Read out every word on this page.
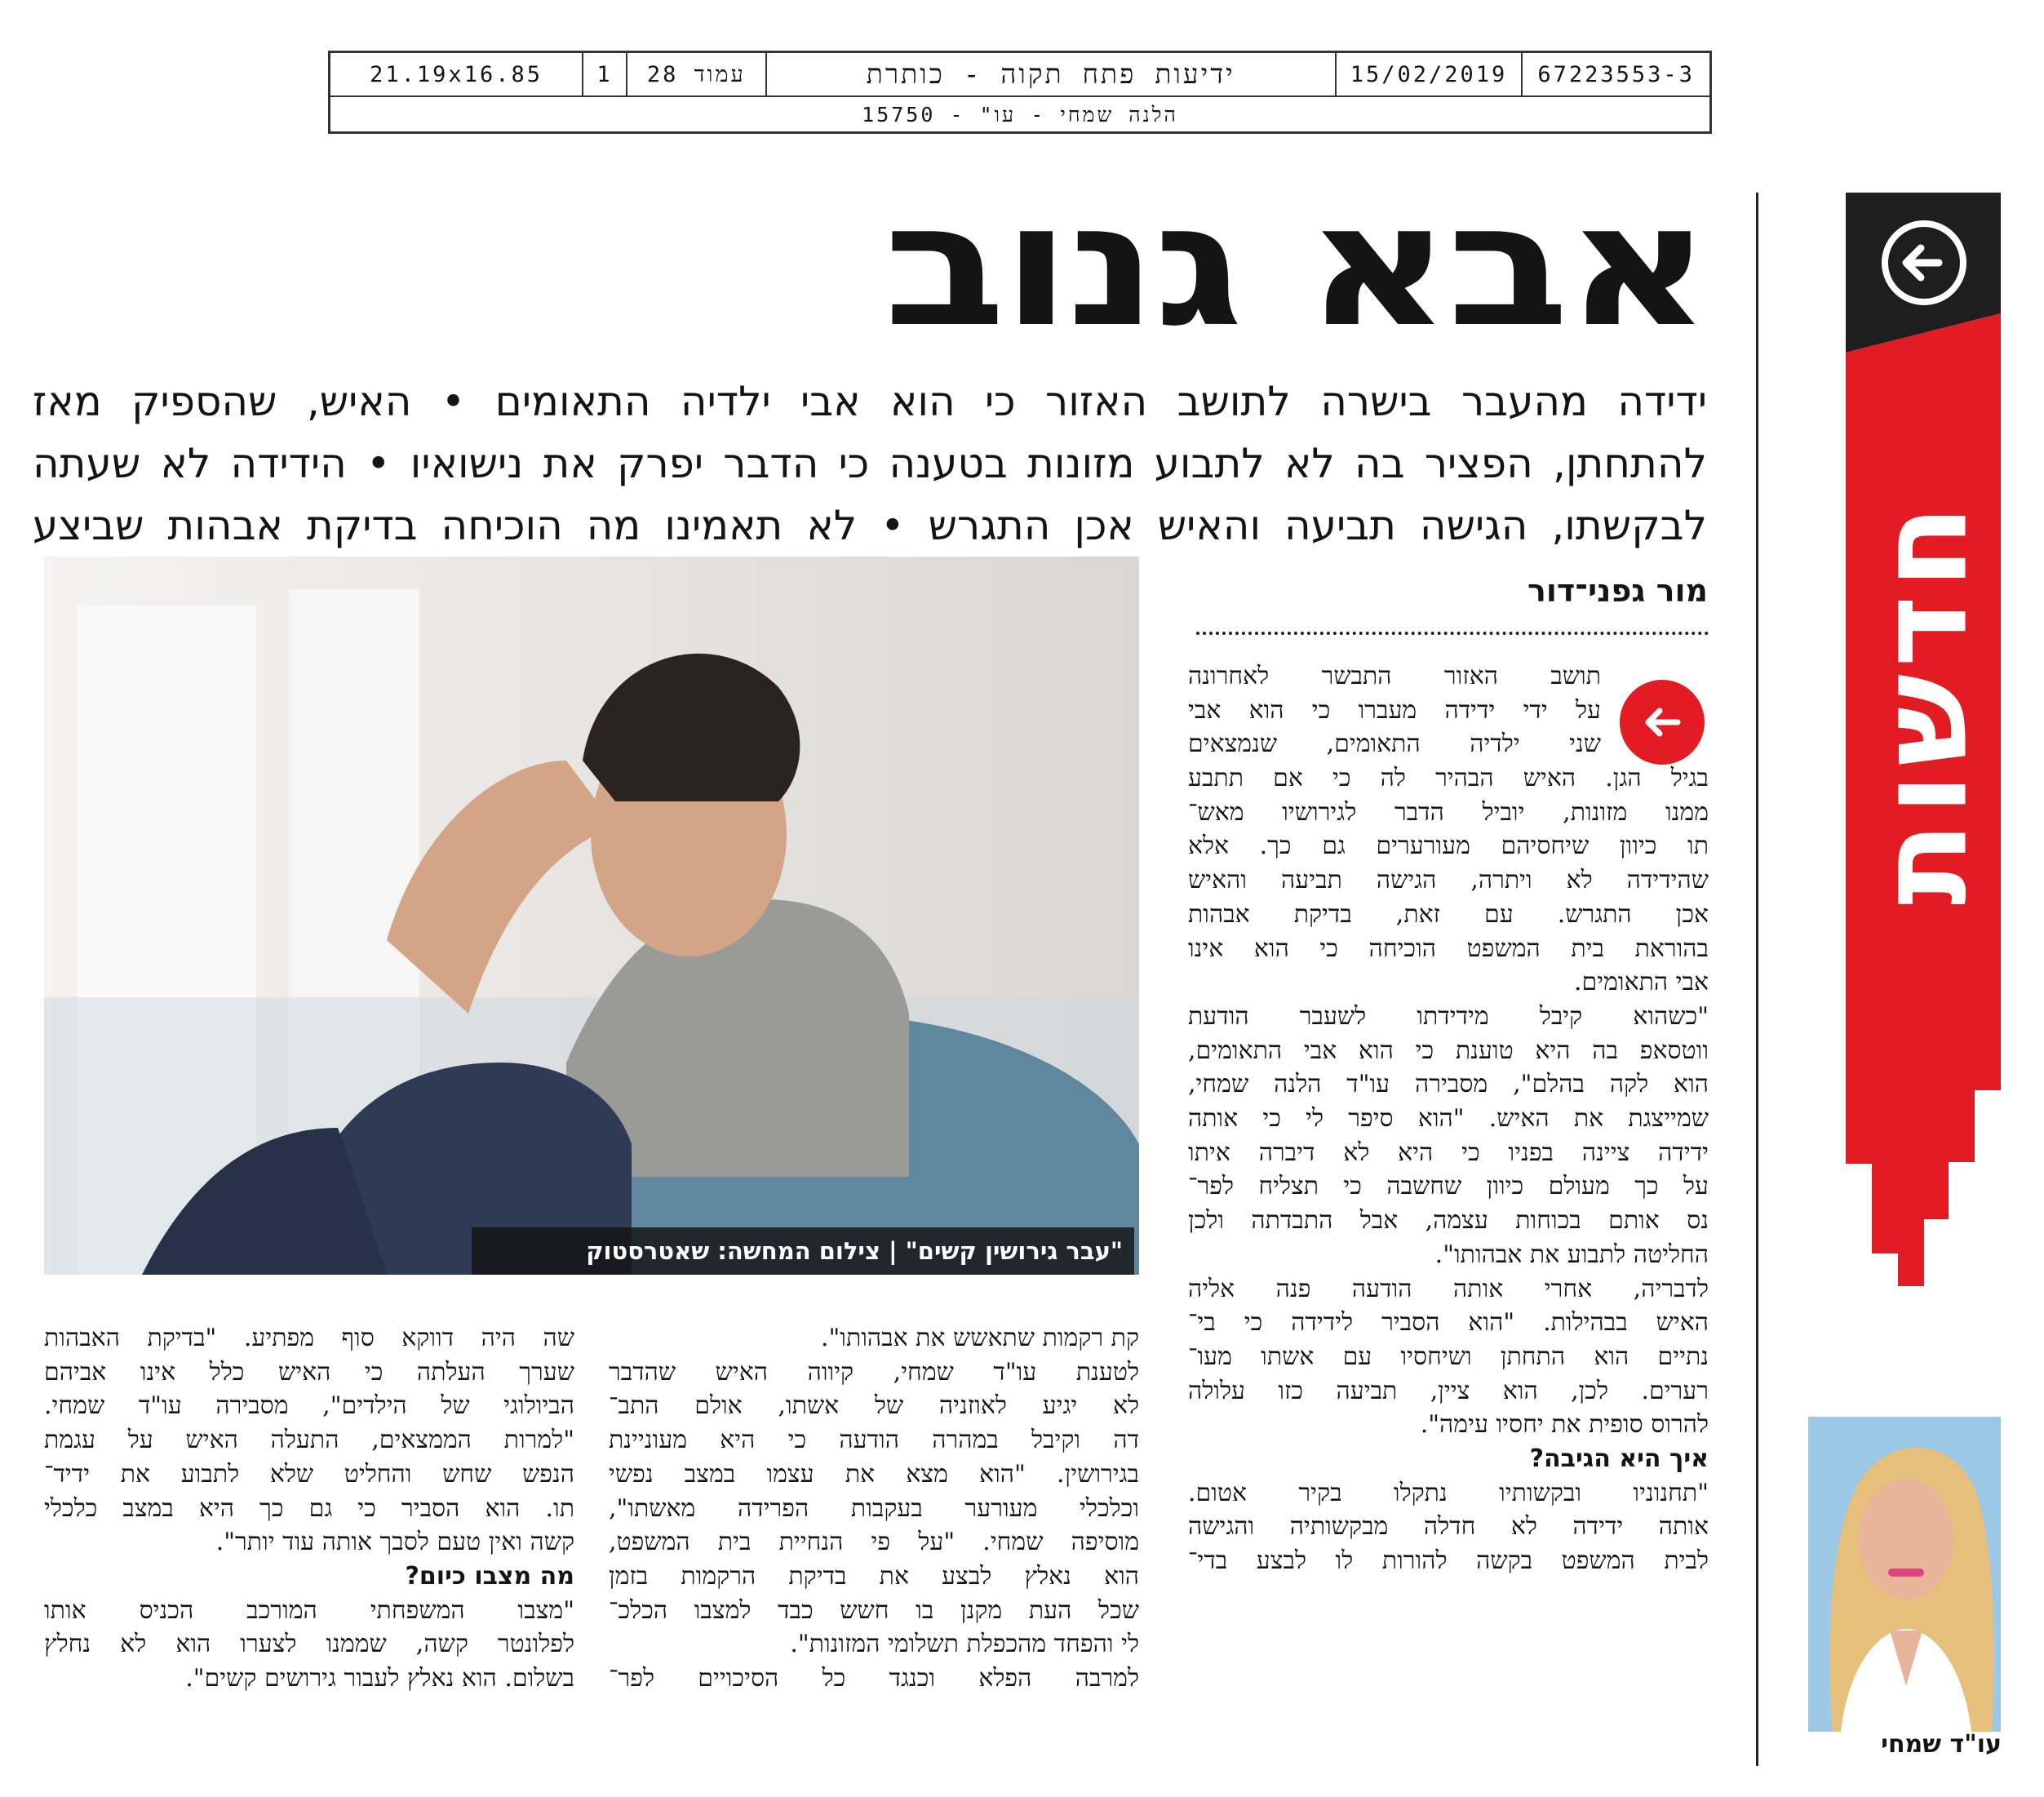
67223553-3
15/02/2019
ידיעות פתח תקוה - כותרת
עמוד 28
1
21.19x16.85
הלנה שמחי - עו" - 15750
חדשות
אבא גנוב
ידידה מהעבר בישרה לתושב האזור כי הוא אבי ילדיה התאומים • האיש, שהספיק מאז
להתחתן, הפציר בה לא לתבוע מזונות בטענה כי הדבר יפרק את נישואיו • הידידה לא שעתה
לבקשתו, הגישה תביעה והאיש אכן התגרש • לא תאמינו מה הוכיחה בדיקת אבהות שביצע
מור גפני־דור
תושב האזור התבשר לאחרונה
על ידי ידידה מעברו כי הוא אבי
שני ילדיה התאומים, שנמצאים
בגיל הגן. האיש הבהיר לה כי אם תתבע
ממנו מזונות, יוביל הדבר לגירושיו מאש־
תו כיוון שיחסיהם מעורערים גם כך. אלא
שהידידה לא ויתרה, הגישה תביעה והאיש
אכן התגרש. עם זאת, בדיקת אבהות
בהוראת בית המשפט הוכיחה כי הוא אינו
אבי התאומים.
"כשהוא קיבל מידידתו לשעבר הודעת
ווטסאפ בה היא טוענת כי הוא אבי התאומים,
הוא לקה בהלם", מסבירה עו"ד הלנה שמחי,
שמייצגת את האיש. "הוא סיפר לי כי אותה
ידידה ציינה בפניו כי היא לא דיברה איתו
על כך מעולם כיוון שחשבה כי תצליח לפר־
נס אותם בכוחות עצמה, אבל התבדתה ולכן
החליטה לתבוע את אבהותו".
לדבריה, אחרי אותה הודעה פנה אליה
האיש בבהילות. "הוא הסביר לידידה כי בי־
נתיים הוא התחתן ושיחסיו עם אשתו מעו־
רערים. לכן, הוא ציין, תביעה כזו עלולה
להרוס סופית את יחסיו עימה".
איך היא הגיבה?
"תחנוניו ובקשותיו נתקלו בקיר אטום.
אותה ידידה לא חדלה מבקשותיה והגישה
לבית המשפט בקשה להורות לו לבצע בדי־
"עבר גירושין קשים" | צילום המחשה: שאטרסטוק
קת רקמות שתאשש את אבהותו".
לטענת עו"ד שמחי, קיווה האיש שהדבר
לא יגיע לאוזניה של אשתו, אולם התב־
דה וקיבל במהרה הודעה כי היא מעוניינת
בגירושין. "הוא מצא את עצמו במצב נפשי
וכלכלי מעורער בעקבות הפרידה מאשתו",
מוסיפה שמחי. "על פי הנחיית בית המשפט,
הוא נאלץ לבצע את בדיקת הרקמות בזמן
שכל העת מקנן בו חשש כבד למצבו הכלכ־
לי והפחד מהכפלת תשלומי המזונות".
למרבה הפלא וכנגד כל הסיכויים לפר־
שה היה דווקא סוף מפתיע. "בדיקת האבהות
שערך העלתה כי האיש כלל אינו אביהם
הביולוגי של הילדים", מסבירה עו"ד שמחי.
"למרות הממצאים, התעלה האיש על עגמת
הנפש שחש והחליט שלא לתבוע את ידיד־
תו. הוא הסביר כי גם כך היא במצב כלכלי
קשה ואין טעם לסבך אותה עוד יותר".
מה מצבו כיום?
"מצבו המשפחתי המורכב הכניס אותו
לפלונטר קשה, שממנו לצערו הוא לא נחלץ
בשלום. הוא נאלץ לעבור גירושים קשים".
עו"ד שמחי
